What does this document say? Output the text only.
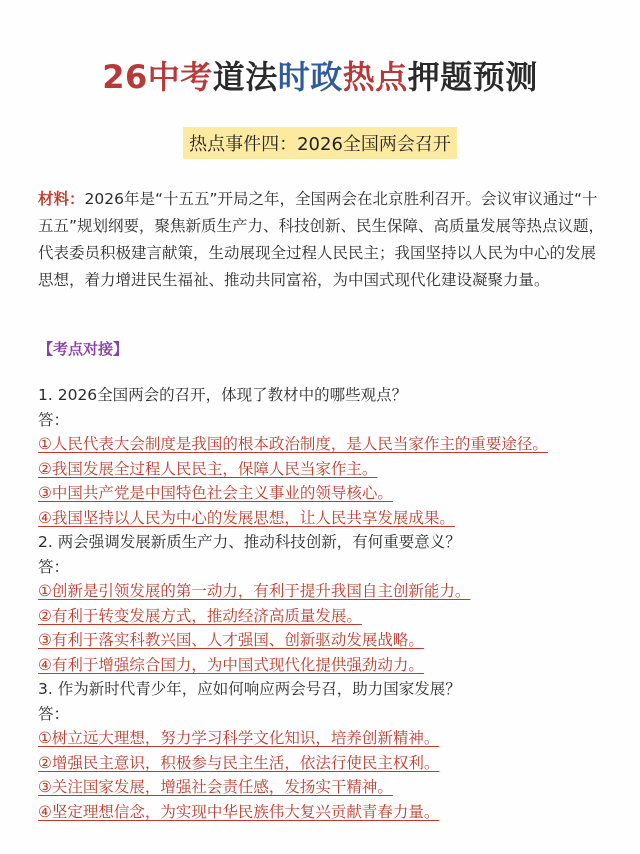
26中考道法时政热点押题预测
热点事件四：2026全国两会召开
材料：2026年是“十五五”开局之年，全国两会在北京胜利召开。会议审议通过“十五五”规划纲要，聚焦新质生产力、科技创新、民生保障、高质量发展等热点议题，代表委员积极建言献策，生动展现全过程人民民主；我国坚持以人民为中心的发展思想，着力增进民生福祉、推动共同富裕，为中国式现代化建设凝聚力量。
【考点对接】
1. 2026全国两会的召开，体现了教材中的哪些观点？
答：
①人民代表大会制度是我国的根本政治制度，是人民当家作主的重要途径。
②我国发展全过程人民民主，保障人民当家作主。
③中国共产党是中国特色社会主义事业的领导核心。
④我国坚持以人民为中心的发展思想，让人民共享发展成果。
2. 两会强调发展新质生产力、推动科技创新，有何重要意义？
答：
①创新是引领发展的第一动力，有利于提升我国自主创新能力。
②有利于转变发展方式，推动经济高质量发展。
③有利于落实科教兴国、人才强国、创新驱动发展战略。
④有利于增强综合国力，为中国式现代化提供强劲动力。
3. 作为新时代青少年，应如何响应两会号召，助力国家发展？
答：
①树立远大理想，努力学习科学文化知识，培养创新精神。
②增强民主意识，积极参与民主生活，依法行使民主权利。
③关注国家发展，增强社会责任感，发扬实干精神。
④坚定理想信念，为实现中华民族伟大复兴贡献青春力量。
